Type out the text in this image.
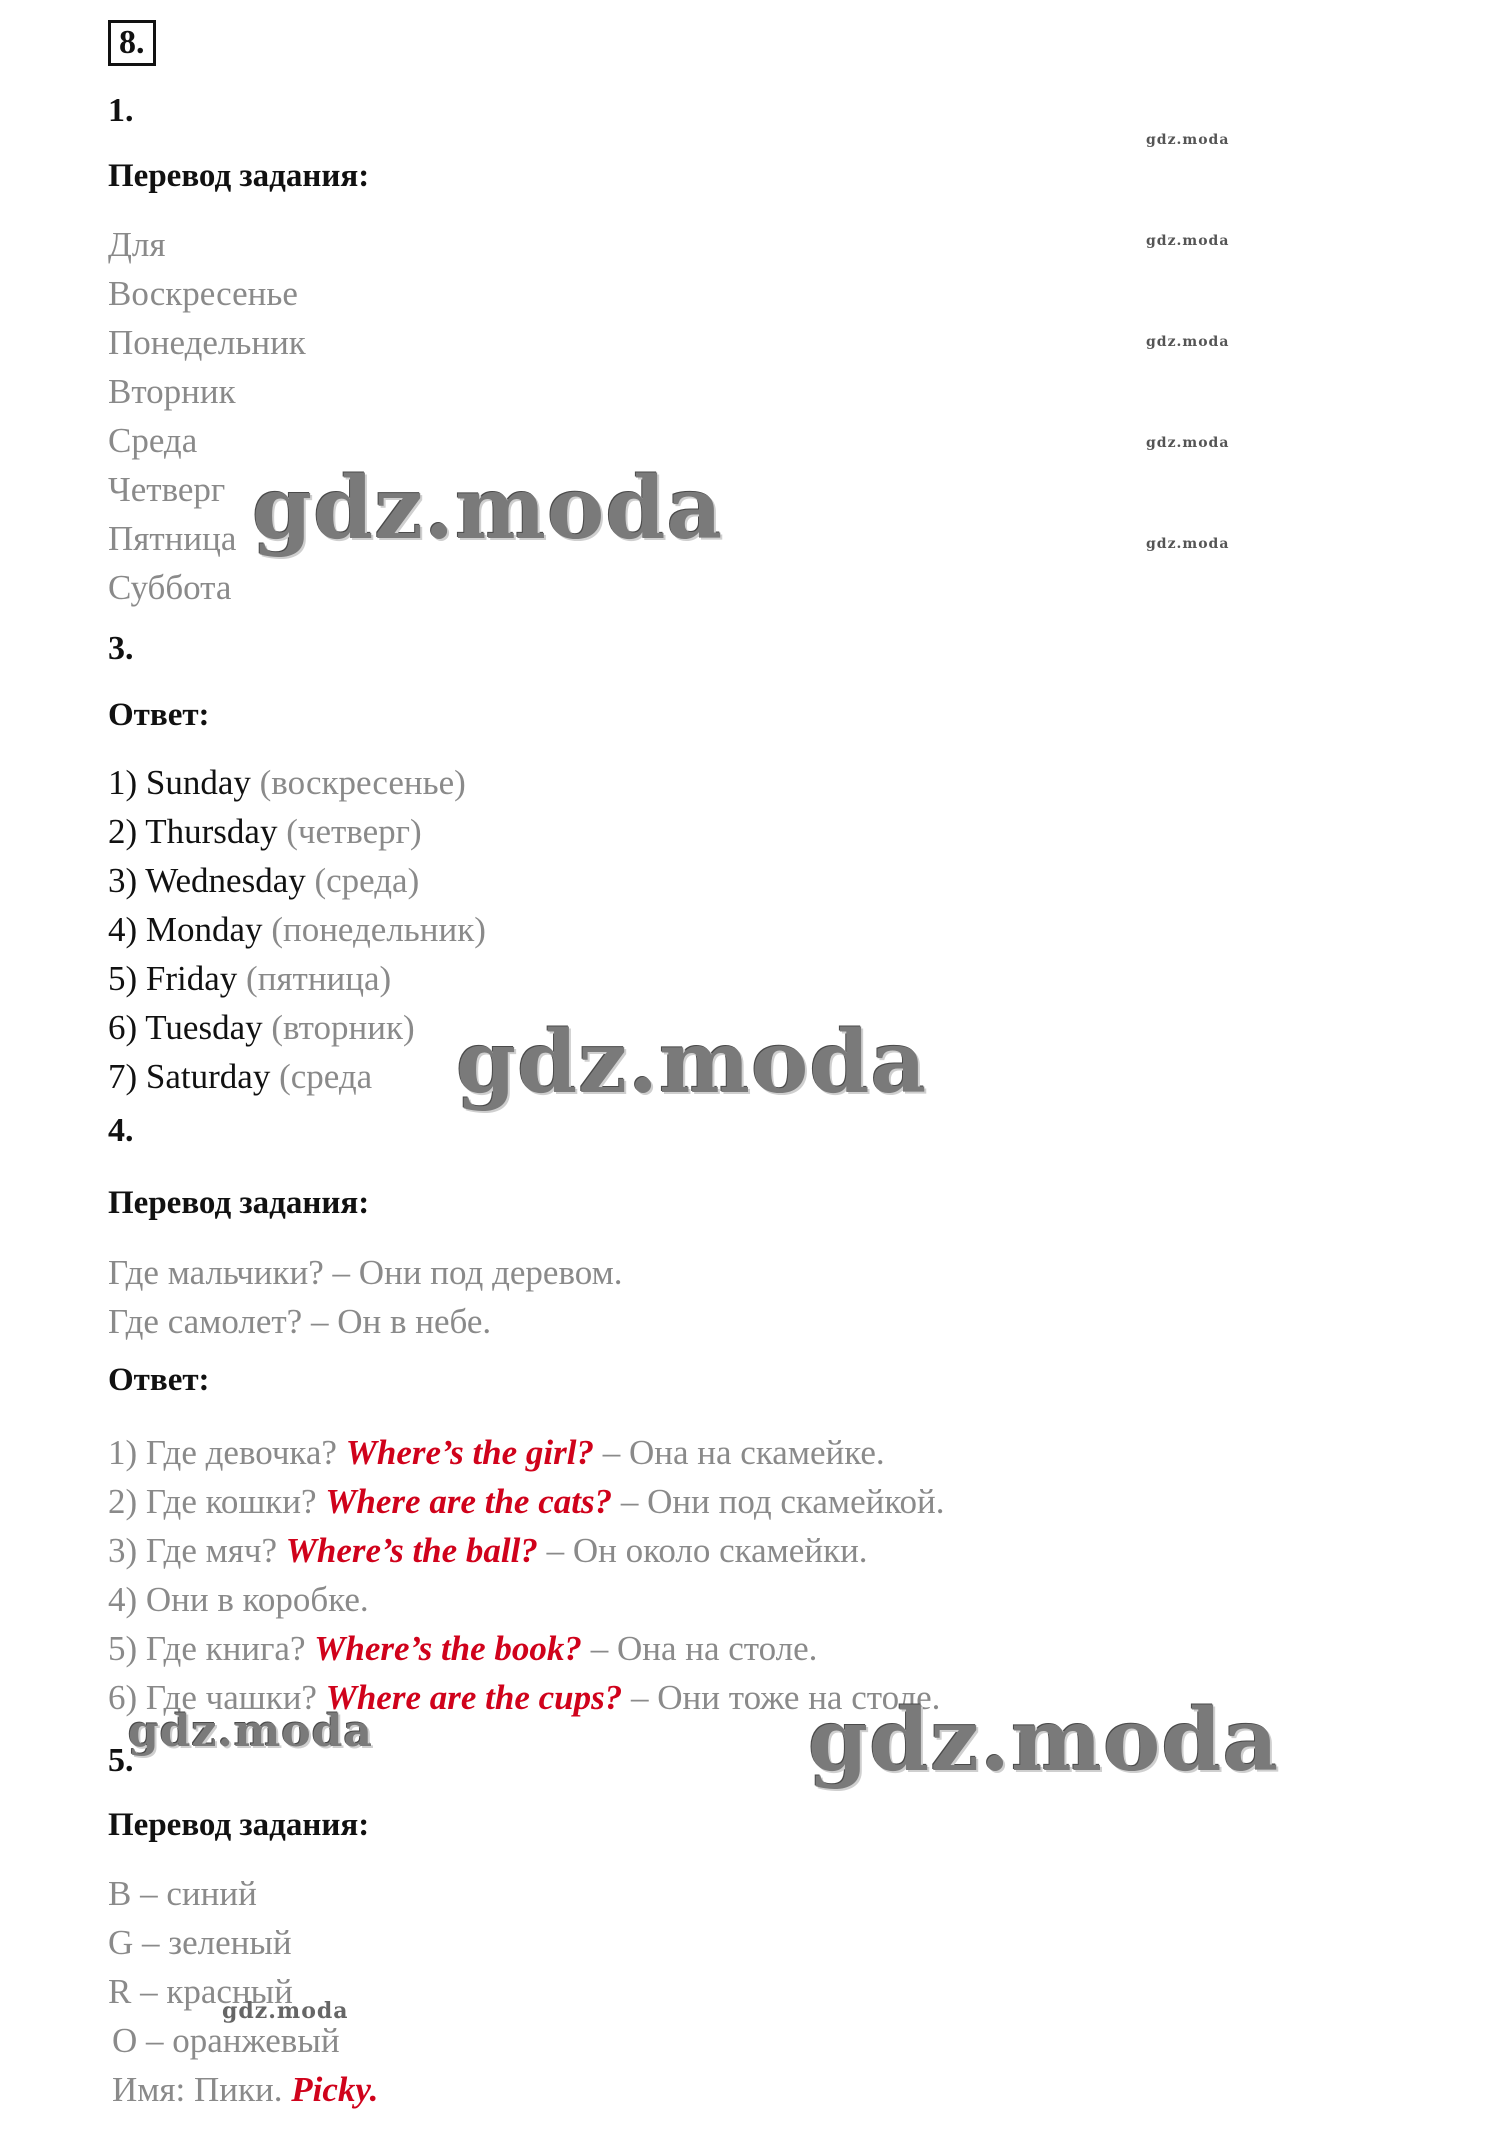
8.
1.
Перевод задания:
Для
Воскресенье
Понедельник
Вторник
Среда
Четверг
Пятница
Суббота
3.
Ответ:
1) Sunday (воскресенье)
2) Thursday (четверг)
3) Wednesday (среда)
4) Monday (понедельник)
5) Friday (пятница)
6) Tuesday (вторник)
7) Saturday (среда
4.
Перевод задания:
Где мальчики? – Они под деревом.
Где самолет? – Он в небе.
Ответ:
1) Где девочка? Where’s the girl? – Она на скамейке.
2) Где кошки? Where are the cats? – Они под скамейкой.
3) Где мяч? Where’s the ball? – Он около скамейки.
4) Они в коробке.
5) Где книга? Where’s the book? – Она на столе.
6) Где чашки? Where are the cups? – Они тоже на столе.
5.
Перевод задания:
B – синий
G – зеленый
R – красный
O – оранжевый
Имя: Пики. Picky.
gdz.moda
gdz.moda
gdz.moda
gdz.moda
gdz.moda
gdz.moda
gdz.moda
gdz.moda	gdz.moda
gdz.moda
